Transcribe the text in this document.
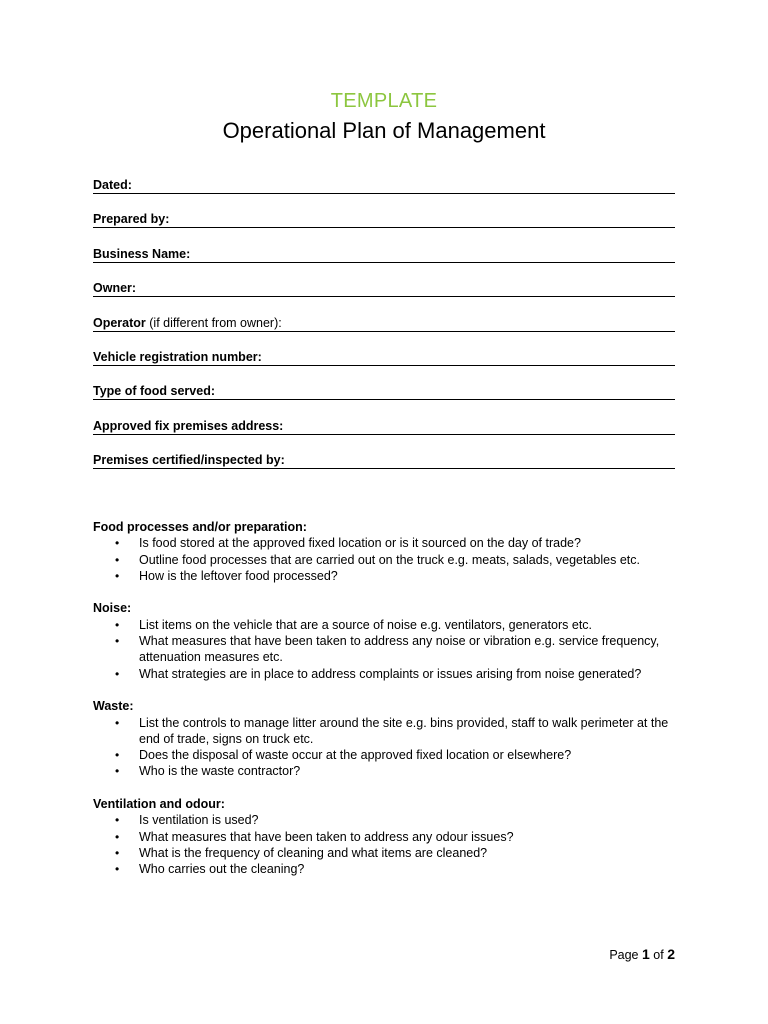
TEMPLATE
Operational Plan of Management
Dated:
Prepared by:
Business Name:
Owner:
Operator (if different from owner):
Vehicle registration number:
Type of food served:
Approved fix premises address:
Premises certified/inspected by:
Food processes and/or preparation:
• Is food stored at the approved fixed location or is it sourced on the day of trade?
• Outline food processes that are carried out on the truck e.g. meats, salads, vegetables etc.
• How is the leftover food processed?
Noise:
• List items on the vehicle that are a source of noise e.g. ventilators, generators etc.
• What measures that have been taken to address any noise or vibration e.g. service frequency, attenuation measures etc.
• What strategies are in place to address complaints or issues arising from noise generated?
Waste:
• List the controls to manage litter around the site e.g. bins provided, staff to walk perimeter at the end of trade, signs on truck etc.
• Does the disposal of waste occur at the approved fixed location or elsewhere?
• Who is the waste contractor?
Ventilation and odour:
• Is ventilation is used?
• What measures that have been taken to address any odour issues?
• What is the frequency of cleaning and what items are cleaned?
• Who carries out the cleaning?
Page 1 of 2
